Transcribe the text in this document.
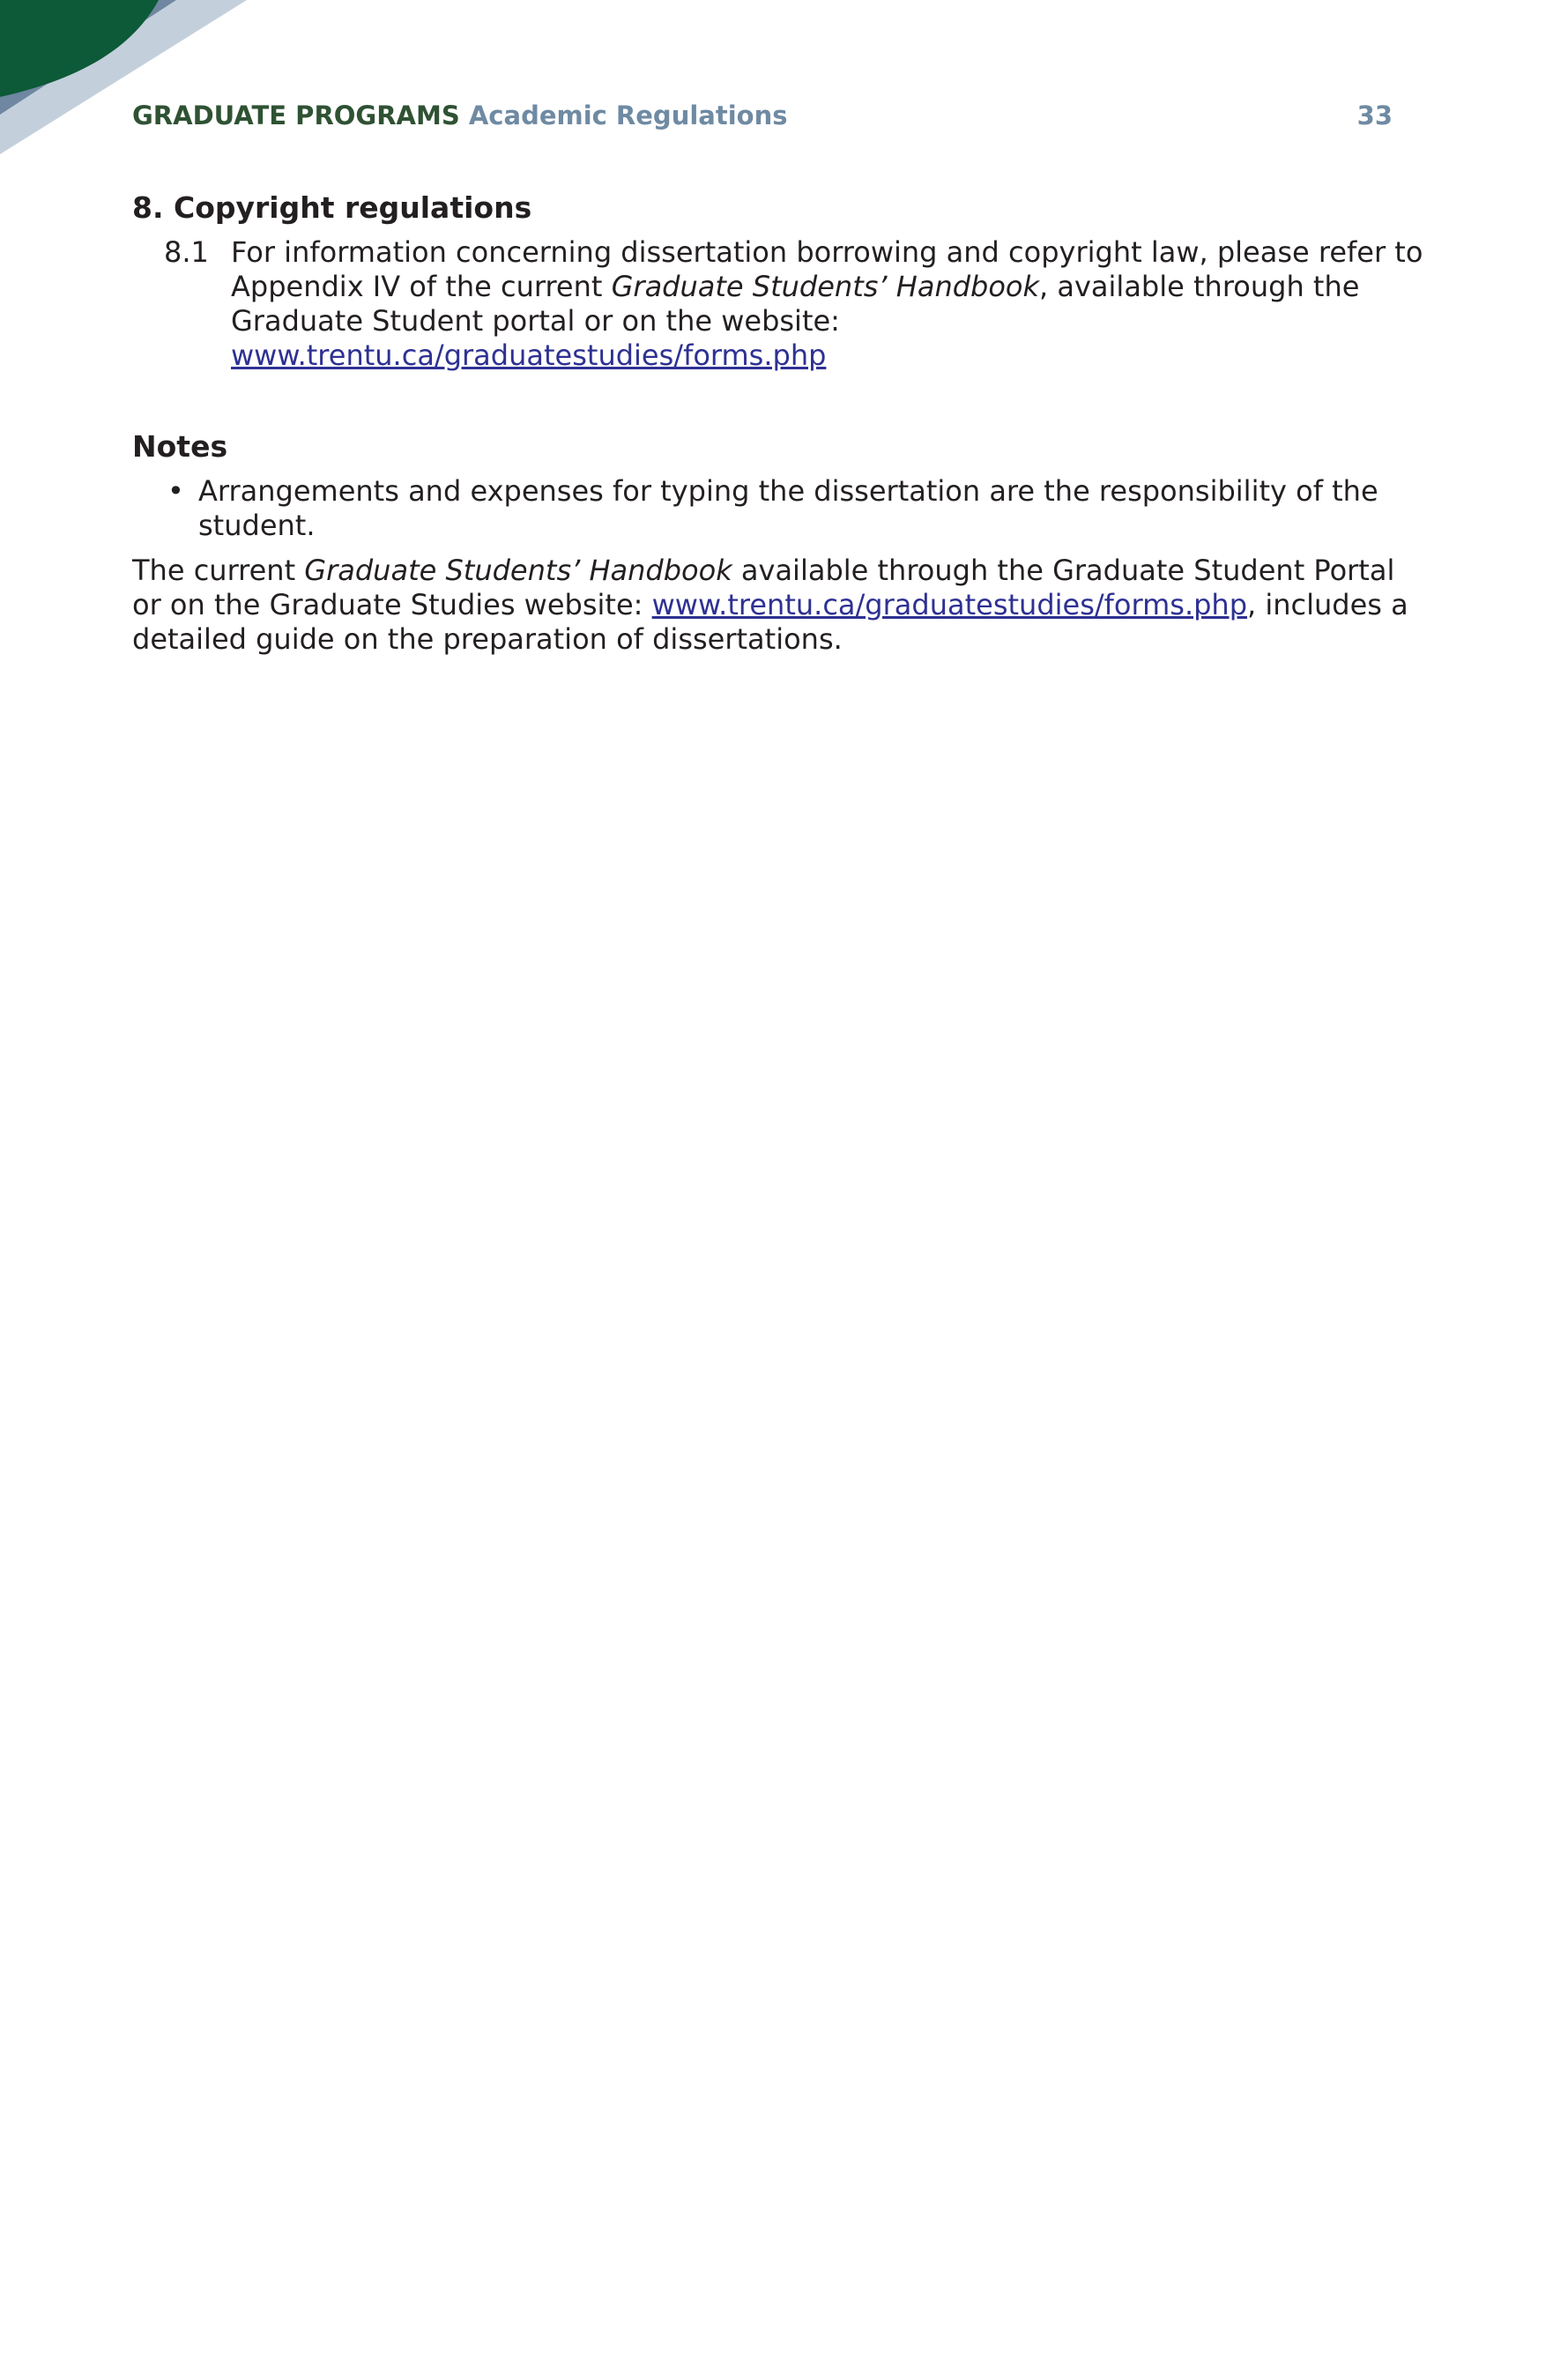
GRADUATE PROGRAMS Academic Regulations	33
8. Copyright regulations
8.1 For information concerning dissertation borrowing and copyright law, please refer to Appendix IV of the current Graduate Students’ Handbook, available through the Graduate Student portal or on the website: www.trentu.ca/graduatestudies/forms.php
Notes
• Arrangements and expenses for typing the dissertation are the responsibility of the student.

The current Graduate Students’ Handbook available through the Graduate Student Portal or on the Graduate Studies website: www.trentu.ca/graduatestudies/forms.php, includes a detailed guide on the preparation of dissertations.
